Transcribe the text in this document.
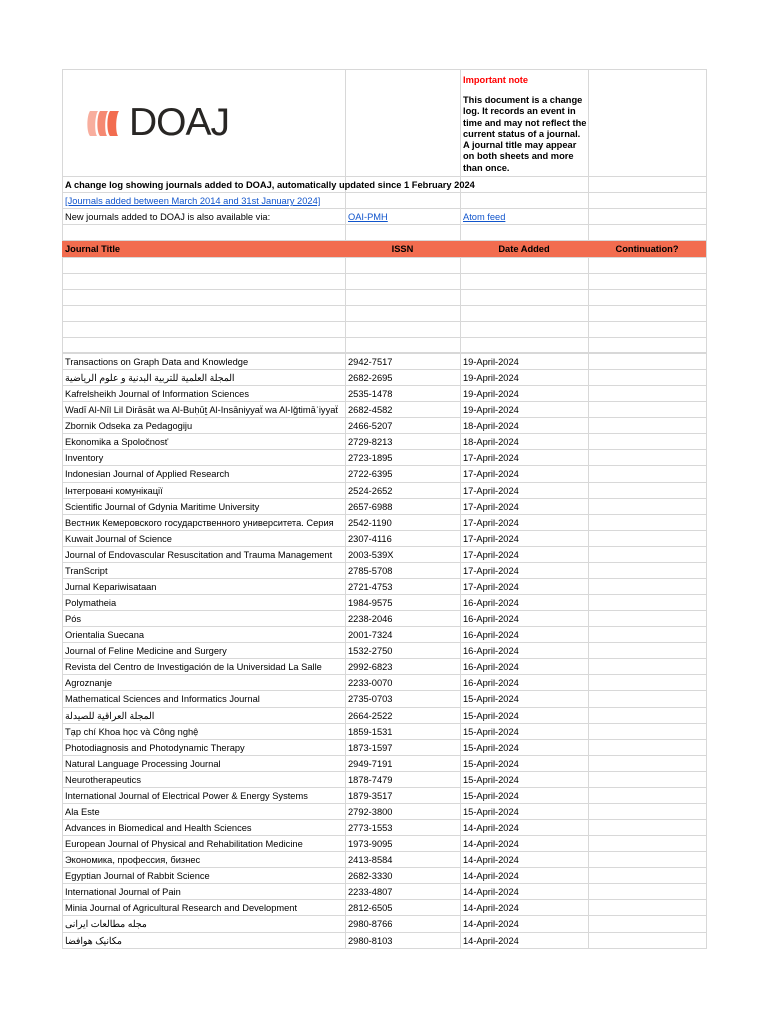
Important note
This document is a change log. It records an event in time and may not reflect the current status of a journal. A journal title may appear on both sheets and more than once.
A change log showing journals added to DOAJ, automatically updated since 1 February 2024
[Journals added between March 2014 and 31st January 2024]
New journals added to DOAJ is also available via:	OAI-PMH	Atom feed
Journal Title	ISSN	Date Added	Continuation?
Transactions on Graph Data and Knowledge	2942-7517	19-April-2024
المجلة العلمية للتربية البدنية و علوم الرياضية	2682-2695	19-April-2024
Kafrelsheikh Journal of Information Sciences	2535-1478	19-April-2024
Wadī Al-Nīl Lil Dirāsāt wa Al-Buḥūṯ Al-Insāniyyaẗ wa Al-Iǧtimāʿiyyaẗ	2682-4582	19-April-2024
Zbornik Odseka za Pedagogiju	2466-5207	18-April-2024
Ekonomika a Spoločnosť	2729-8213	18-April-2024
Inventory	2723-1895	17-April-2024
Indonesian Journal of Applied Research	2722-6395	17-April-2024
Інтегровані комунікації	2524-2652	17-April-2024
Scientific Journal of Gdynia Maritime University	2657-6988	17-April-2024
Вестник Кемеровского государственного университета. Серия	2542-1190	17-April-2024
Kuwait Journal of Science	2307-4116	17-April-2024
Journal of Endovascular Resuscitation and Trauma Management	2003-539X	17-April-2024
TranScript	2785-5708	17-April-2024
Jurnal Kepariwisataan	2721-4753	17-April-2024
Polymatheia	1984-9575	16-April-2024
Pós	2238-2046	16-April-2024
Orientalia Suecana	2001-7324	16-April-2024
Journal of Feline Medicine and Surgery	1532-2750	16-April-2024
Revista del Centro de Investigación de la Universidad La Salle	2992-6823	16-April-2024
Agroznanje	2233-0070	16-April-2024
Mathematical Sciences and Informatics Journal	2735-0703	15-April-2024
المجلة العراقية للصيدلة	2664-2522	15-April-2024
Tạp chí Khoa học và Công nghệ	1859-1531	15-April-2024
Photodiagnosis and Photodynamic Therapy	1873-1597	15-April-2024
Natural Language Processing Journal	2949-7191	15-April-2024
Neurotherapeutics	1878-7479	15-April-2024
International Journal of Electrical Power & Energy Systems	1879-3517	15-April-2024
Ala Este	2792-3800	15-April-2024
Advances in Biomedical and Health Sciences	2773-1553	14-April-2024
European Journal of Physical and Rehabilitation Medicine	1973-9095	14-April-2024
Экономика, профессия, бизнес	2413-8584	14-April-2024
Egyptian Journal of Rabbit Science	2682-3330	14-April-2024
International Journal of Pain	2233-4807	14-April-2024
Minia Journal of Agricultural Research and Development	2812-6505	14-April-2024
مجله مطالعات ایرانی	2980-8766	14-April-2024
مکانیک هوافضا	2980-8103	14-April-2024
DOAJ
